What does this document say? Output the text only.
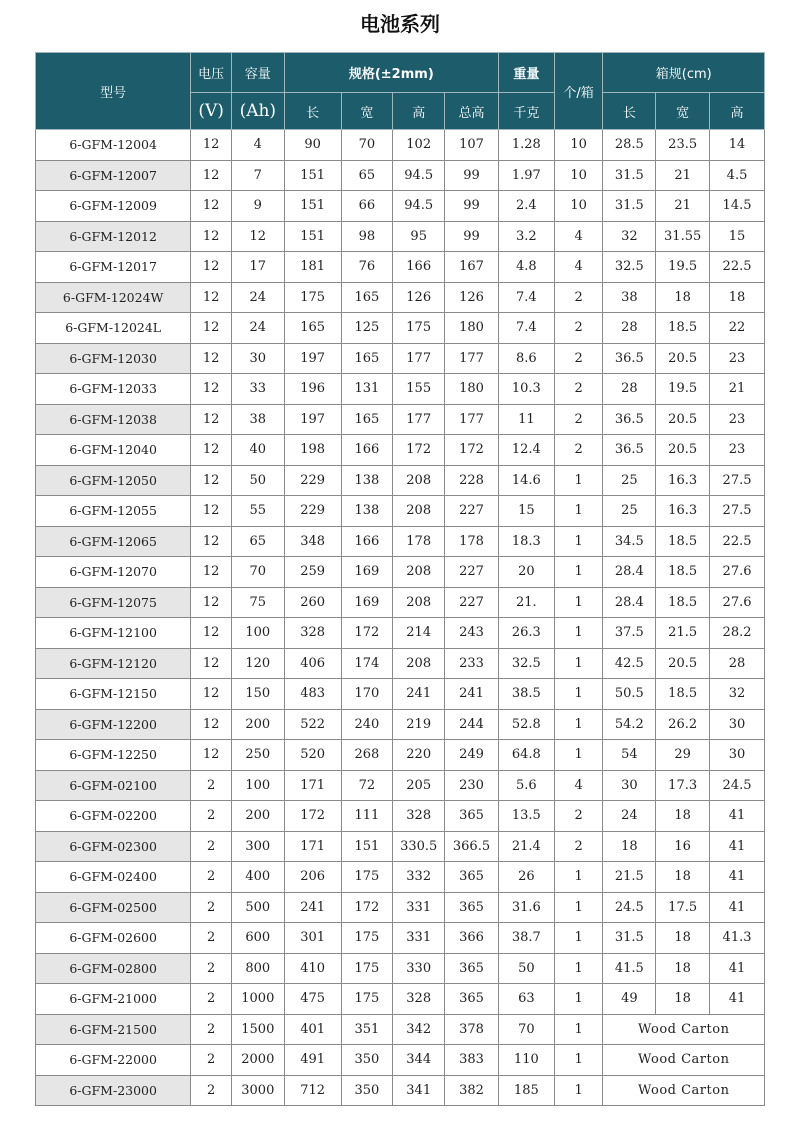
电池系列
型号	电压	容量	规格(±2mm)				重量	个/箱	箱规(cm)		
	(V)	(Ah)	长	宽	高	总高	千克		长	宽	高
6-GFM-12004	12	4	90	70	102	107	1.28	10	28.5	23.5	14
6-GFM-12007	12	7	151	65	94.5	99	1.97	10	31.5	21	4.5
6-GFM-12009	12	9	151	66	94.5	99	2.4	10	31.5	21	14.5
6-GFM-12012	12	12	151	98	95	99	3.2	4	32	31.55	15
6-GFM-12017	12	17	181	76	166	167	4.8	4	32.5	19.5	22.5
6-GFM-12024W	12	24	175	165	126	126	7.4	2	38	18	18
6-GFM-12024L	12	24	165	125	175	180	7.4	2	28	18.5	22
6-GFM-12030	12	30	197	165	177	177	8.6	2	36.5	20.5	23
6-GFM-12033	12	33	196	131	155	180	10.3	2	28	19.5	21
6-GFM-12038	12	38	197	165	177	177	11	2	36.5	20.5	23
6-GFM-12040	12	40	198	166	172	172	12.4	2	36.5	20.5	23
6-GFM-12050	12	50	229	138	208	228	14.6	1	25	16.3	27.5
6-GFM-12055	12	55	229	138	208	227	15	1	25	16.3	27.5
6-GFM-12065	12	65	348	166	178	178	18.3	1	34.5	18.5	22.5
6-GFM-12070	12	70	259	169	208	227	20	1	28.4	18.5	27.6
6-GFM-12075	12	75	260	169	208	227	21.	1	28.4	18.5	27.6
6-GFM-12100	12	100	328	172	214	243	26.3	1	37.5	21.5	28.2
6-GFM-12120	12	120	406	174	208	233	32.5	1	42.5	20.5	28
6-GFM-12150	12	150	483	170	241	241	38.5	1	50.5	18.5	32
6-GFM-12200	12	200	522	240	219	244	52.8	1	54.2	26.2	30
6-GFM-12250	12	250	520	268	220	249	64.8	1	54	29	30
6-GFM-02100	2	100	171	72	205	230	5.6	4	30	17.3	24.5
6-GFM-02200	2	200	172	111	328	365	13.5	2	24	18	41
6-GFM-02300	2	300	171	151	330.5	366.5	21.4	2	18	16	41
6-GFM-02400	2	400	206	175	332	365	26	1	21.5	18	41
6-GFM-02500	2	500	241	172	331	365	31.6	1	24.5	17.5	41
6-GFM-02600	2	600	301	175	331	366	38.7	1	31.5	18	41.3
6-GFM-02800	2	800	410	175	330	365	50	1	41.5	18	41
6-GFM-21000	2	1000	475	175	328	365	63	1	49	18	41
6-GFM-21500	2	1500	401	351	342	378	70	1	Wood Carton		
6-GFM-22000	2	2000	491	350	344	383	110	1	Wood Carton		
6-GFM-23000	2	3000	712	350	341	382	185	1	Wood Carton		
